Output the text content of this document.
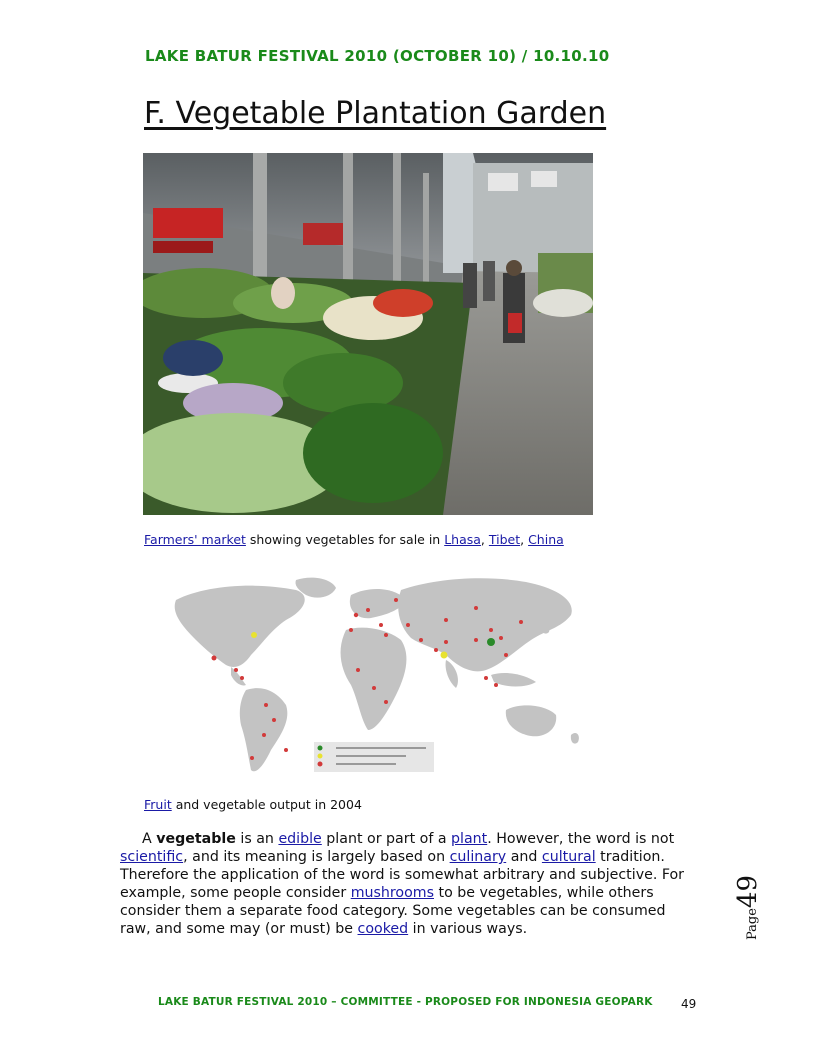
LAKE BATUR FESTIVAL 2010 (OCTOBER 10) / 10.10.10
F. Vegetable Plantation Garden

Farmers' market showing vegetables for sale in Lhasa, Tibet, China

Fruit and vegetable output in 2004

A vegetable is an edible plant or part of a plant. However, the word is not scientific, and its meaning is largely based on culinary and cultural tradition. Therefore the application of the word is somewhat arbitrary and subjective. For example, some people consider mushrooms to be vegetables, while others consider them a separate food category. Some vegetables can be consumed raw, and some may (or must) be cooked in various ways.	Page49

LAKE BATUR FESTIVAL 2010 – COMMITTEE - PROPOSED FOR INDONESIA GEOPARK 49
